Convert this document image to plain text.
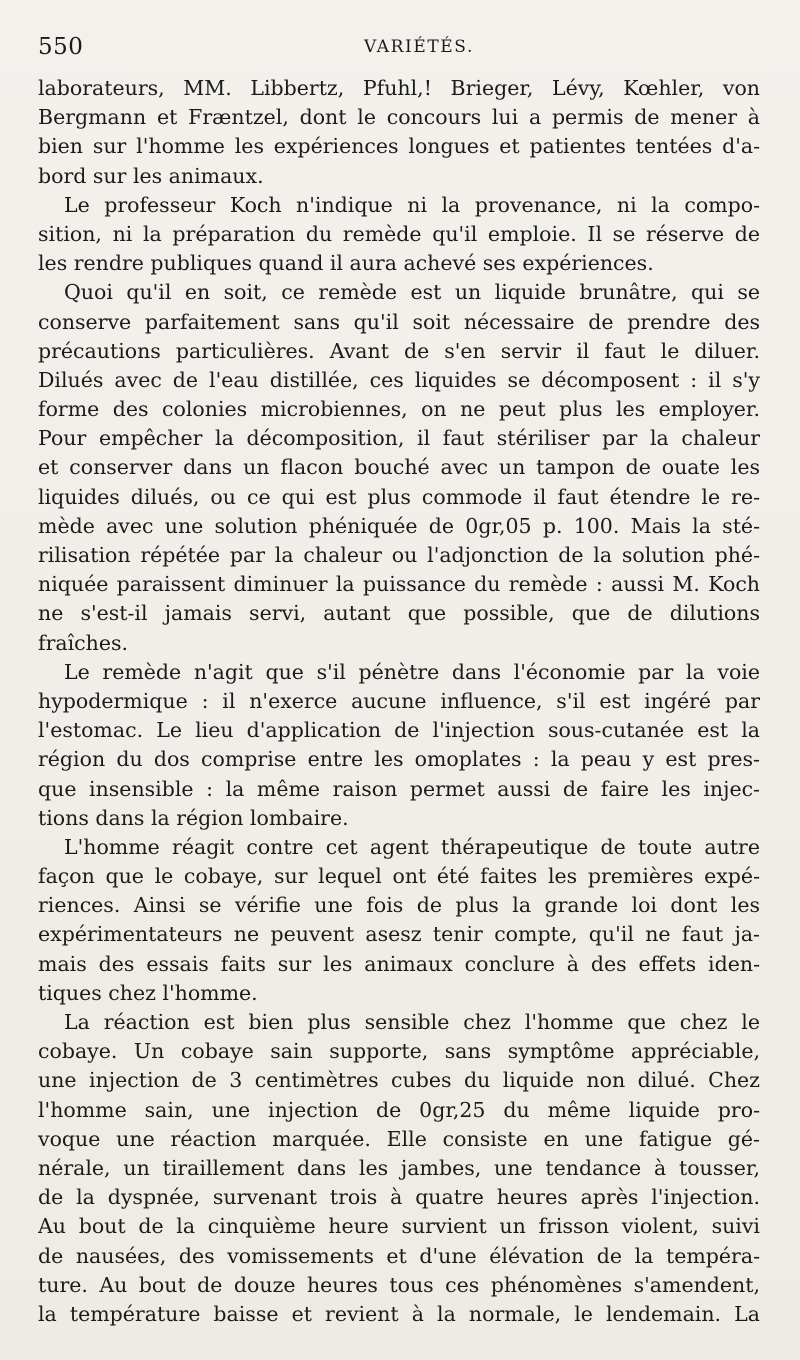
550	VARIÉTÉS.
laborateurs, MM. Libbertz, Pfuhl,! Brieger, Lévy, Kœhler, von
Bergmann et Fræntzel, dont le concours lui a permis de mener à
bien sur l'homme les expériences longues et patientes tentées d'a-
bord sur les animaux.
Le professeur Koch n'indique ni la provenance, ni la compo-
sition, ni la préparation du remède qu'il emploie. Il se réserve de
les rendre publiques quand il aura achevé ses expériences.
Quoi qu'il en soit, ce remède est un liquide brunâtre, qui se
conserve parfaitement sans qu'il soit nécessaire de prendre des
précautions particulières. Avant de s'en servir il faut le diluer.
Dilués avec de l'eau distillée, ces liquides se décomposent : il s'y
forme des colonies microbiennes, on ne peut plus les employer.
Pour empêcher la décomposition, il faut stériliser par la chaleur
et conserver dans un flacon bouché avec un tampon de ouate les
liquides dilués, ou ce qui est plus commode il faut étendre le re-
mède avec une solution phéniquée de 0gr,05 p. 100. Mais la sté-
rilisation répétée par la chaleur ou l'adjonction de la solution phé-
niquée paraissent diminuer la puissance du remède : aussi M. Koch
ne s'est-il jamais servi, autant que possible, que de dilutions
fraîches.
Le remède n'agit que s'il pénètre dans l'économie par la voie
hypodermique : il n'exerce aucune influence, s'il est ingéré par
l'estomac. Le lieu d'application de l'injection sous-cutanée est la
région du dos comprise entre les omoplates : la peau y est pres-
que insensible : la même raison permet aussi de faire les injec-
tions dans la région lombaire.
L'homme réagit contre cet agent thérapeutique de toute autre
façon que le cobaye, sur lequel ont été faites les premières expé-
riences. Ainsi se vérifie une fois de plus la grande loi dont les
expérimentateurs ne peuvent asesz tenir compte, qu'il ne faut ja-
mais des essais faits sur les animaux conclure à des effets iden-
tiques chez l'homme.
La réaction est bien plus sensible chez l'homme que chez le
cobaye. Un cobaye sain supporte, sans symptôme appréciable,
une injection de 3 centimètres cubes du liquide non dilué. Chez
l'homme sain, une injection de 0gr,25 du même liquide pro-
voque une réaction marquée. Elle consiste en une fatigue gé-
nérale, un tiraillement dans les jambes, une tendance à tousser,
de la dyspnée, survenant trois à quatre heures après l'injection.
Au bout de la cinquième heure survient un frisson violent, suivi
de nausées, des vomissements et d'une élévation de la tempéra-
ture. Au bout de douze heures tous ces phénomènes s'amendent,
la température baisse et revient à la normale, le lendemain. La
